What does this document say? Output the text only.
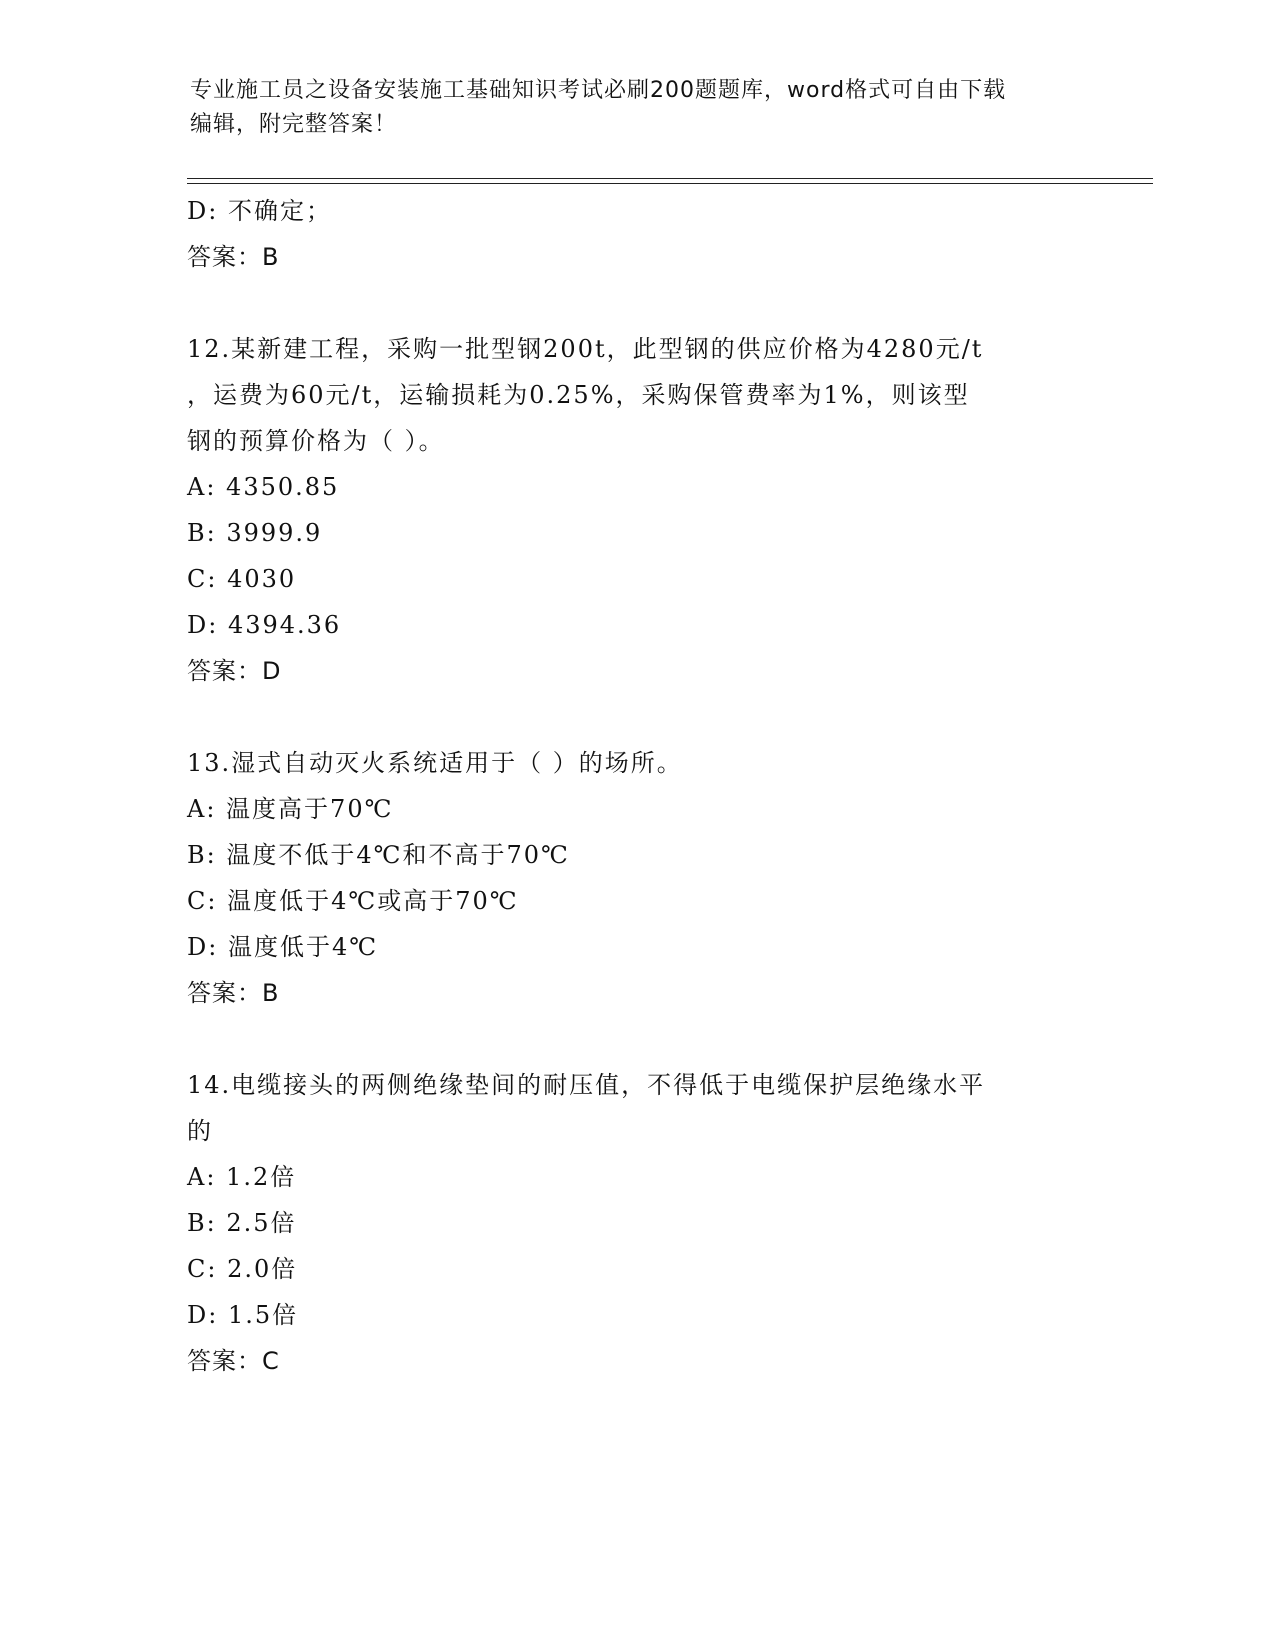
专业施工员之设备安装施工基础知识考试必刷200题题库，word格式可自由下载
编辑，附完整答案！
D: 不确定；
答案：B
12.某新建工程，采购一批型钢200t，此型钢的供应价格为4280元/t
，运费为60元/t，运输损耗为0.25%，采购保管费率为1%，则该型
钢的预算价格为（ ）。
A: 4350.85
B: 3999.9
C: 4030
D: 4394.36
答案：D
13.湿式自动灭火系统适用于（ ）的场所。
A: 温度高于70℃
B: 温度不低于4℃和不高于70℃
C: 温度低于4℃或高于70℃
D: 温度低于4℃
答案：B
14.电缆接头的两侧绝缘垫间的耐压值，不得低于电缆保护层绝缘水平
的
A: 1.2倍
B: 2.5倍
C: 2.0倍
D: 1.5倍
答案：C
